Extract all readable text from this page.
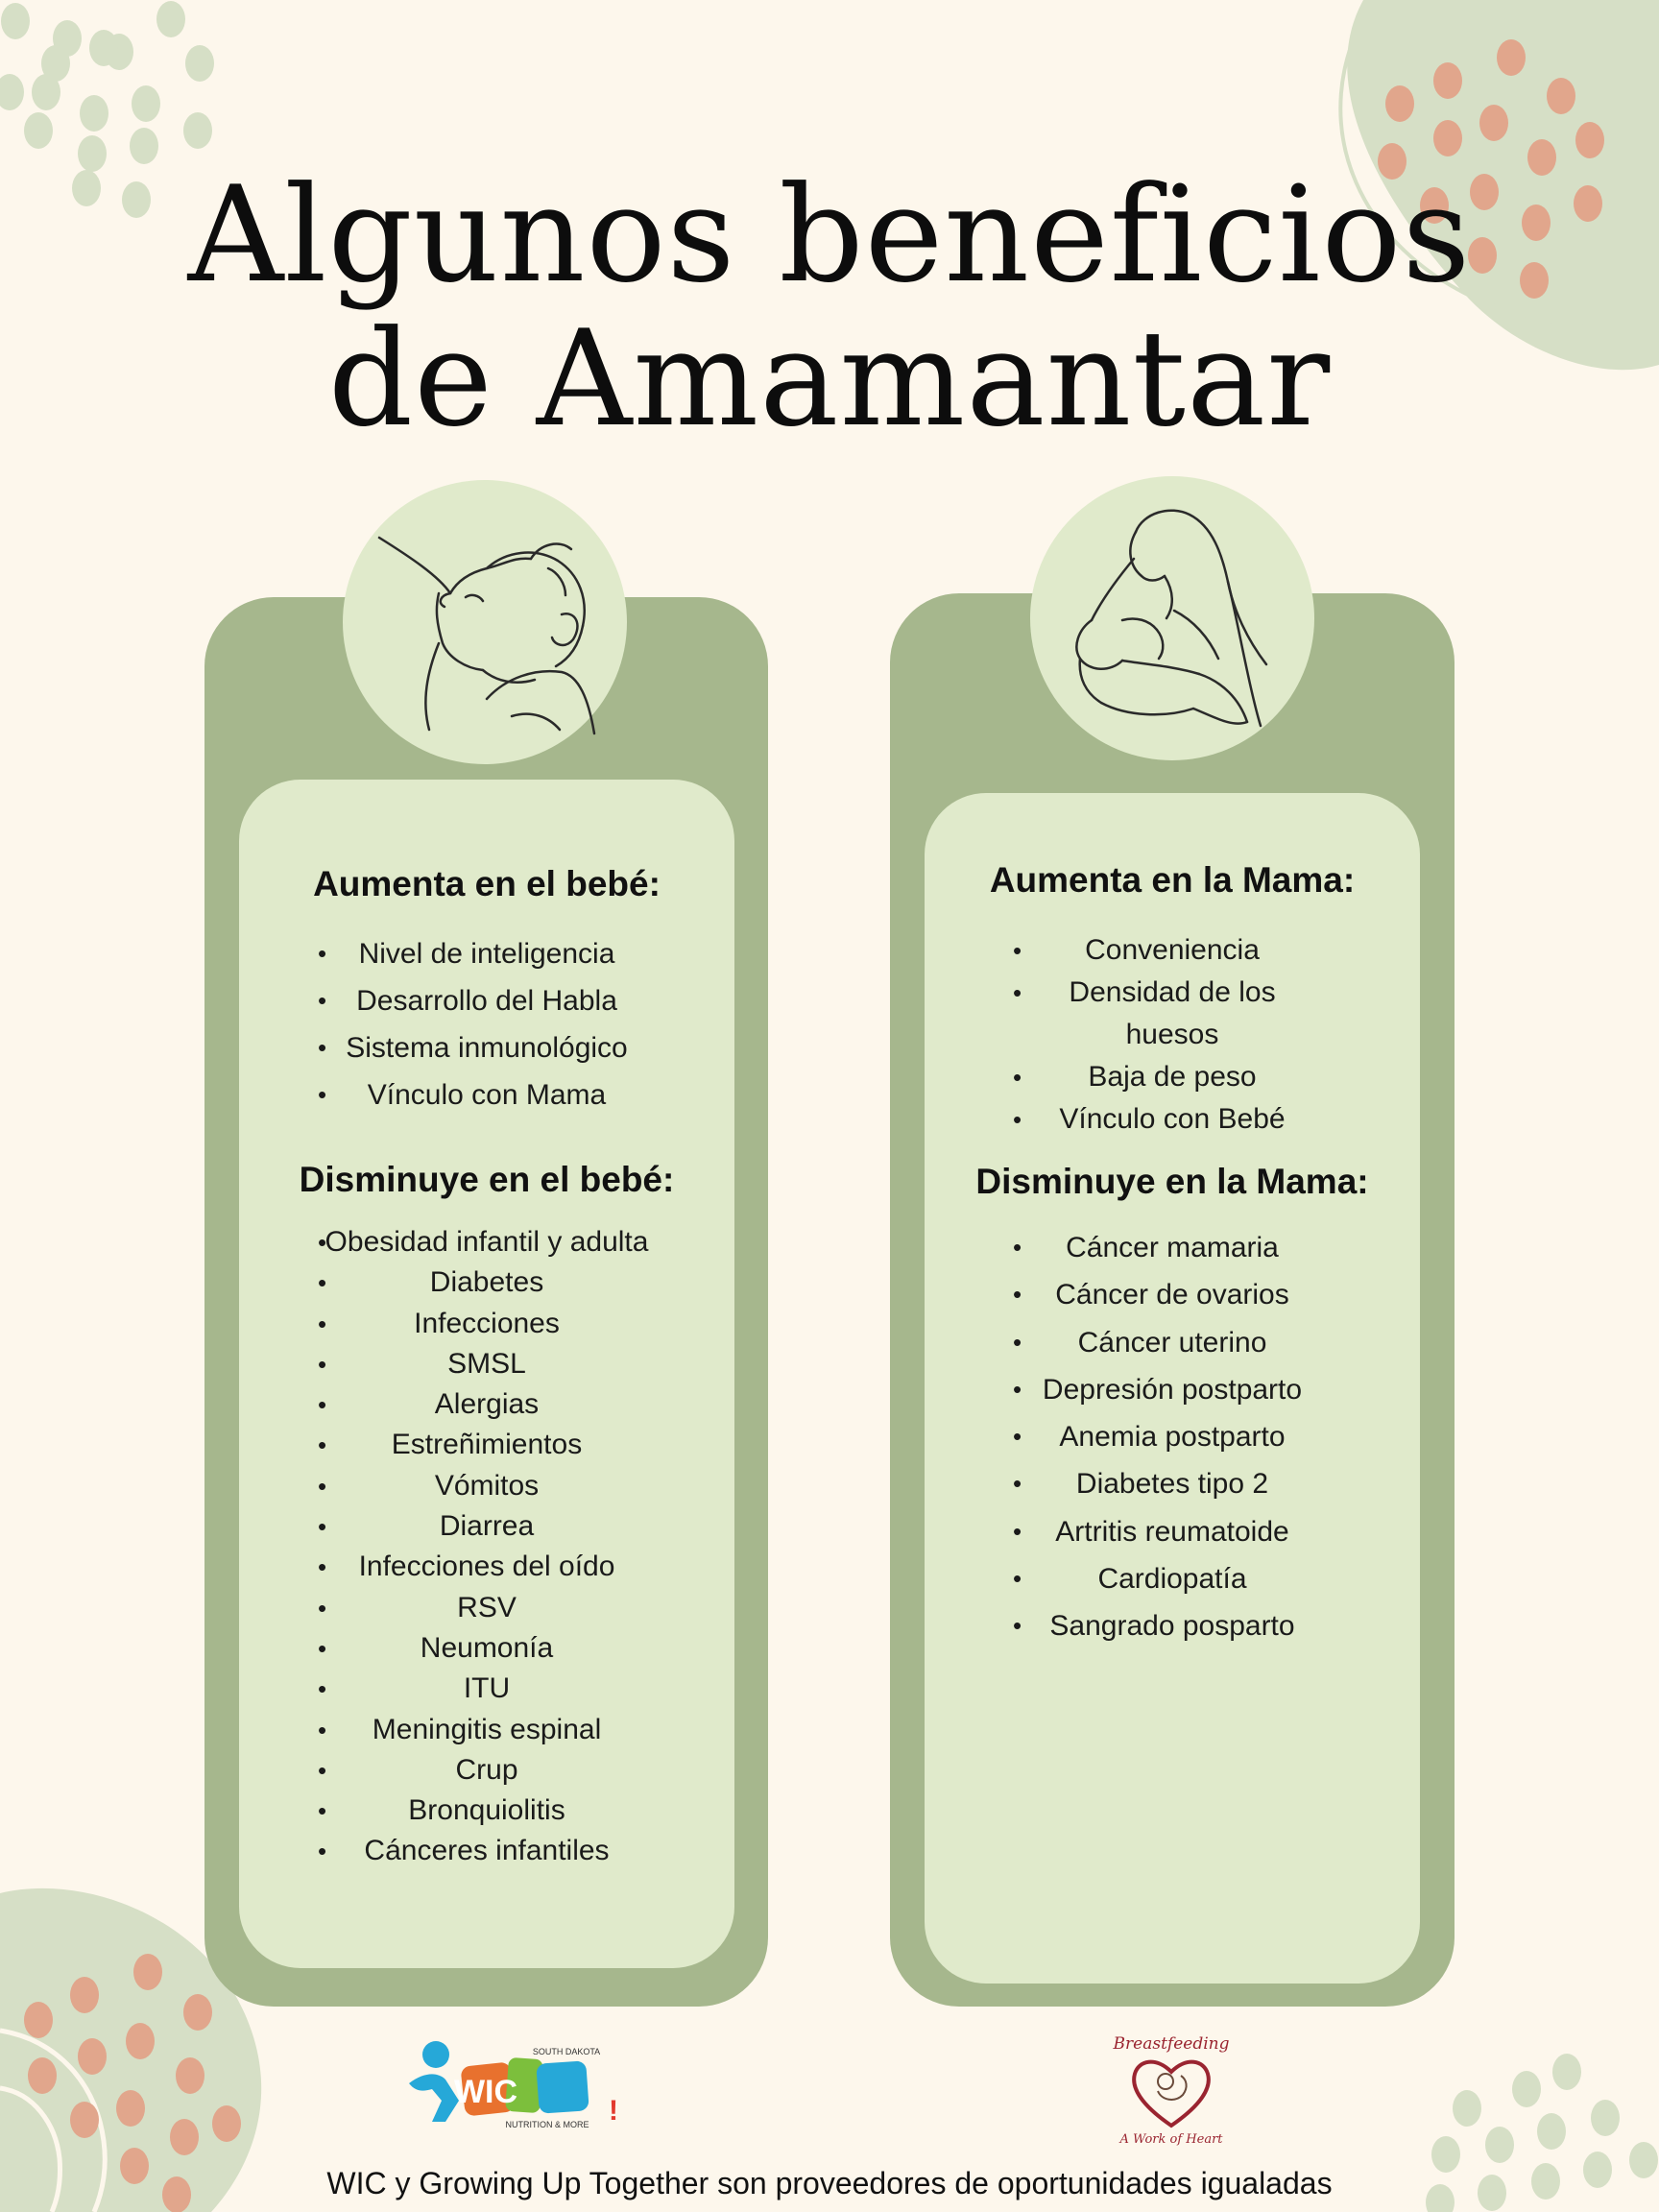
Algunos beneficios
de Amamantar
Aumenta en el bebé:
• Nivel de inteligencia
• Desarrollo del Habla
• Sistema inmunológico
• Vínculo con Mama
Disminuye en el bebé:
• Obesidad infantil y adulta
• Diabetes
• Infecciones
• SMSL
• Alergias
• Estreñimientos
• Vómitos
• Diarrea
• Infecciones del oído
• RSV
• Neumonía
• ITU
• Meningitis espinal
• Crup
• Bronquiolitis
• Cánceres infantiles
Aumenta en la Mama:
• Conveniencia
• Densidad de los huesos
• Baja de peso
• Vínculo con Bebé
Disminuye en la Mama:
• Cáncer mamaria
• Cáncer de ovarios
• Cáncer uterino
• Depresión postparto
• Anemia postparto
• Diabetes tipo 2
• Artritis reumatoide
• Cardiopatía
• Sangrado posparto
WIC
SOUTH DAKOTA
NUTRITION & MORE !
Breastfeeding
A Work of Heart
WIC y Growing Up Together son proveedores de oportunidades igualadas
